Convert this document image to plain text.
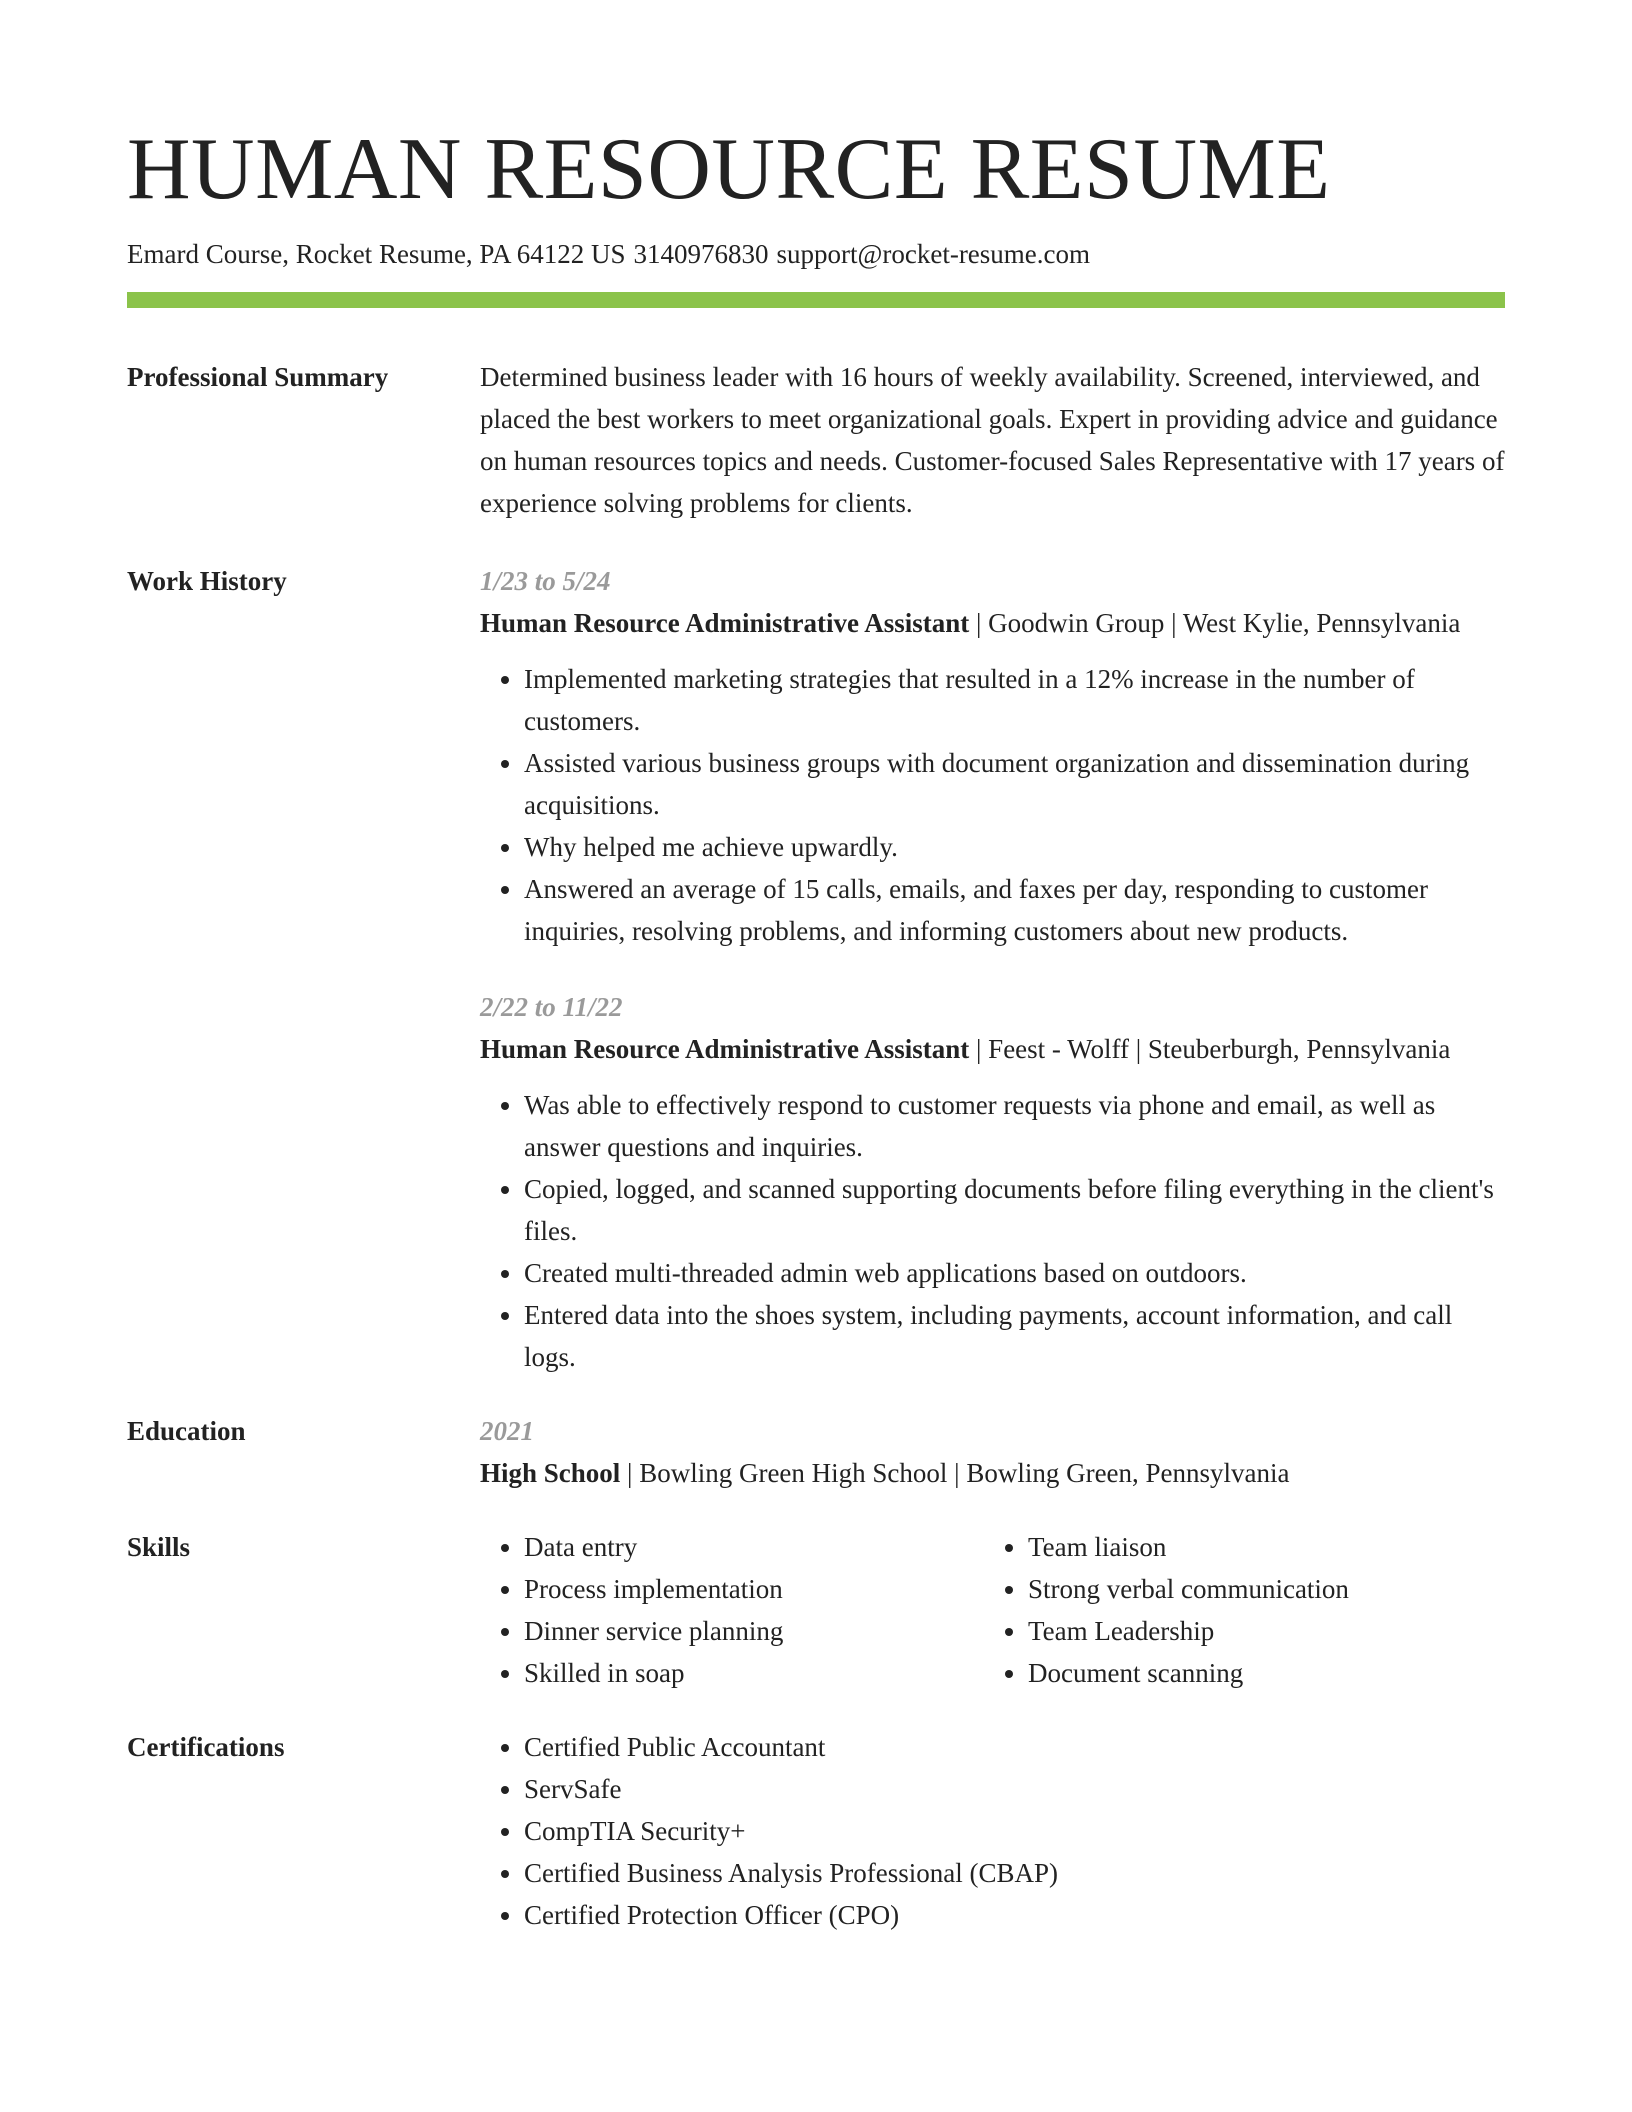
HUMAN RESOURCE RESUME
Emard Course, Rocket Resume, PA 64122 US 3140976830 support@rocket-resume.com
Professional Summary	Determined business leader with 16 hours of weekly availability. Screened, interviewed, and placed the best workers to meet organizational goals. Expert in providing advice and guidance on human resources topics and needs. Customer-focused Sales Representative with 17 years of experience solving problems for clients.
Work History	1/23 to 5/24
Human Resource Administrative Assistant | Goodwin Group | West Kylie, Pennsylvania
• Implemented marketing strategies that resulted in a 12% increase in the number of customers.
• Assisted various business groups with document organization and dissemination during acquisitions.
• Why helped me achieve upwardly.
• Answered an average of 15 calls, emails, and faxes per day, responding to customer inquiries, resolving problems, and informing customers about new products.
2/22 to 11/22
Human Resource Administrative Assistant | Feest - Wolff | Steuberburgh, Pennsylvania
• Was able to effectively respond to customer requests via phone and email, as well as answer questions and inquiries.
• Copied, logged, and scanned supporting documents before filing everything in the client's files.
• Created multi-threaded admin web applications based on outdoors.
• Entered data into the shoes system, including payments, account information, and call logs.
Education	2021
High School | Bowling Green High School | Bowling Green, Pennsylvania
Skills	• Data entry
• Process implementation
• Dinner service planning
• Skilled in soap
• Team liaison
• Strong verbal communication
• Team Leadership
• Document scanning
Certifications	• Certified Public Accountant
• ServSafe
• CompTIA Security+
• Certified Business Analysis Professional (CBAP)
• Certified Protection Officer (CPO)
